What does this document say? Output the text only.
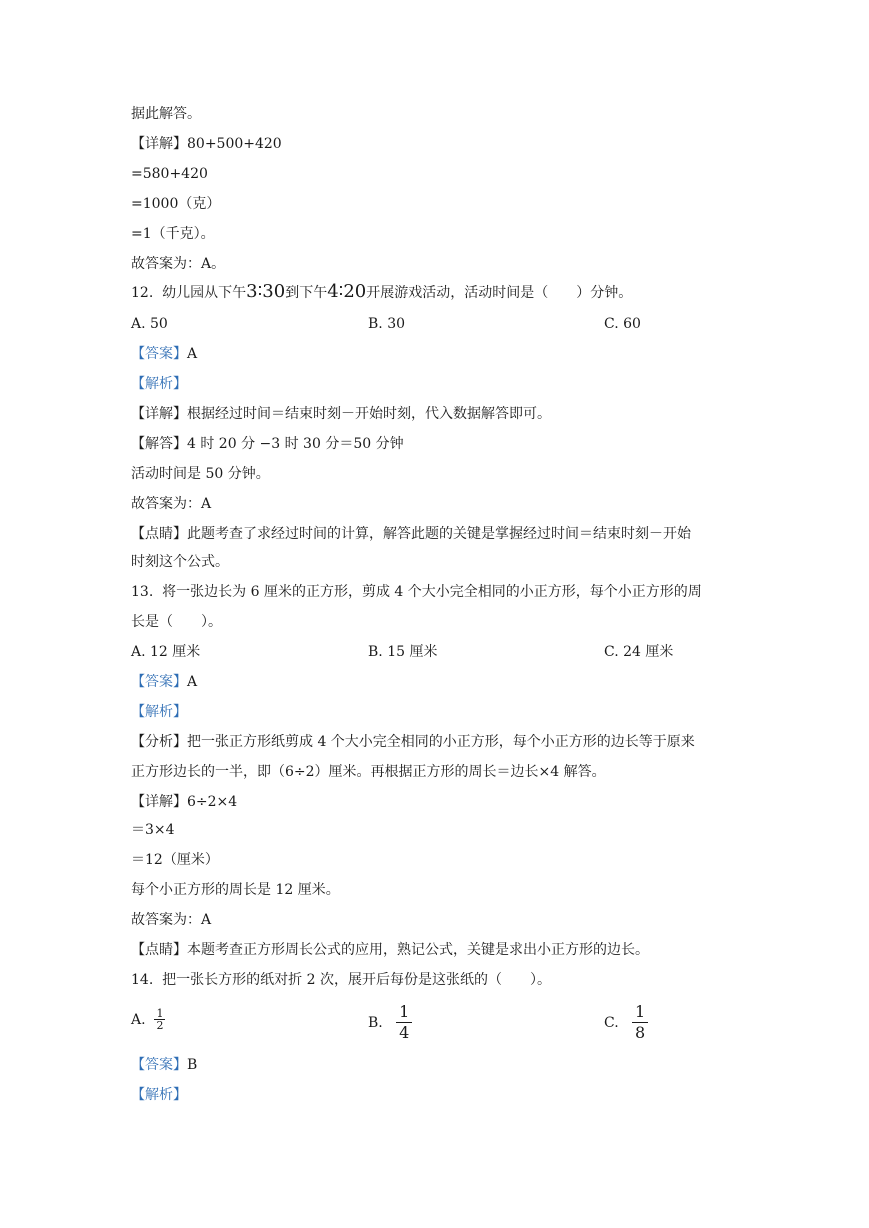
据此解答。
【详解】80+500+420
=580+420
=1000（克）
=1（千克）。
故答案为：A。
12. 幼儿园从下午3∶30到下午4∶20开展游戏活动，活动时间是（　　）分钟。
A. 50	B. 30	C. 60
【答案】A
【解析】
【详解】根据经过时间＝结束时刻－开始时刻，代入数据解答即可。
【解答】4 时 20 分 −3 时 30 分＝50 分钟
活动时间是 50 分钟。
故答案为：A
【点睛】此题考查了求经过时间的计算，解答此题的关键是掌握经过时间＝结束时刻－开始
时刻这个公式。
13. 将一张边长为 6 厘米的正方形，剪成 4 个大小完全相同的小正方形，每个小正方形的周
长是（　　）。
A. 12 厘米	B. 15 厘米	C. 24 厘米
【答案】A
【解析】
【分析】把一张正方形纸剪成 4 个大小完全相同的小正方形，每个小正方形的边长等于原来
正方形边长的一半，即（6÷2）厘米。再根据正方形的周长＝边长×4 解答。
【详解】6÷2×4
＝3×4
＝12（厘米）
每个小正方形的周长是 12 厘米。
故答案为：A
【点睛】本题考查正方形周长公式的应用，熟记公式，关键是求出小正方形的边长。
14. 把一张长方形的纸对折 2 次，展开后每份是这张纸的（　　）。
A.
$\frac{1}{2}$	B.
$\frac{1}{4}$	C.
$\frac{1}{8}$
【答案】B
【解析】
